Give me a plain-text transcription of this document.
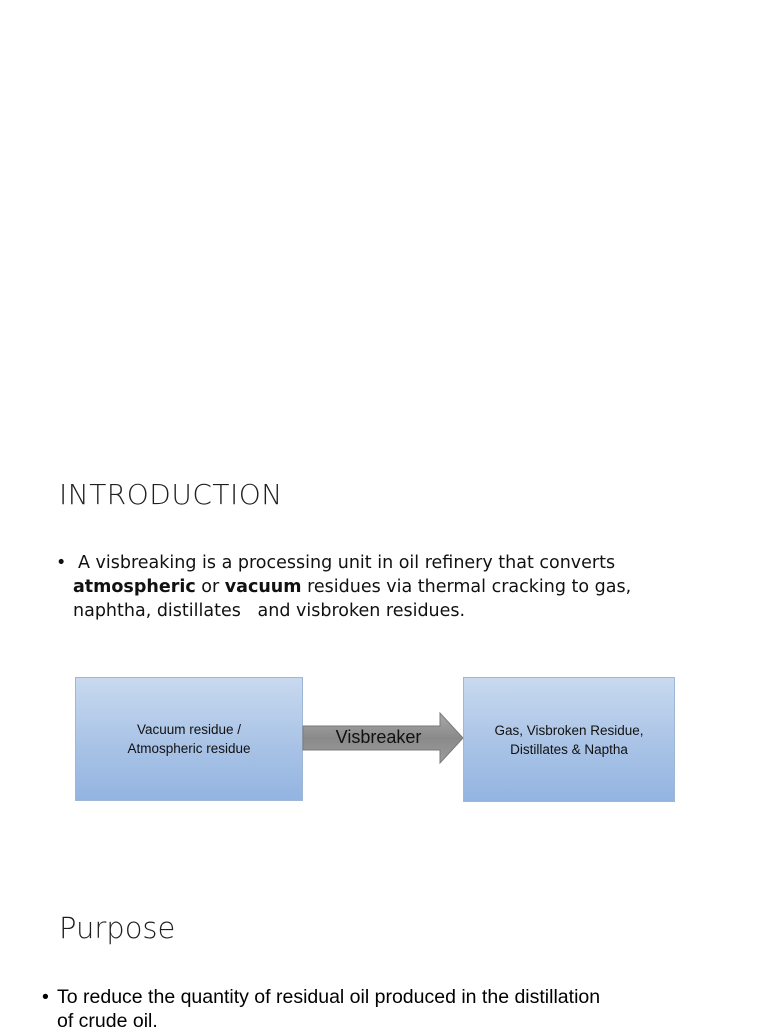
INTRODUCTION
• A visbreaking is a processing unit in oil refinery that converts
atmospheric or vacuum residues via thermal cracking to gas,
naphtha, distillates   and visbroken residues.
Vacuum residue /
Atmospheric residue
Visbreaker	Gas, Visbroken Residue,
Distillates & Naptha
Purpose
• To reduce the quantity of residual oil produced in the distillation
of crude oil.
